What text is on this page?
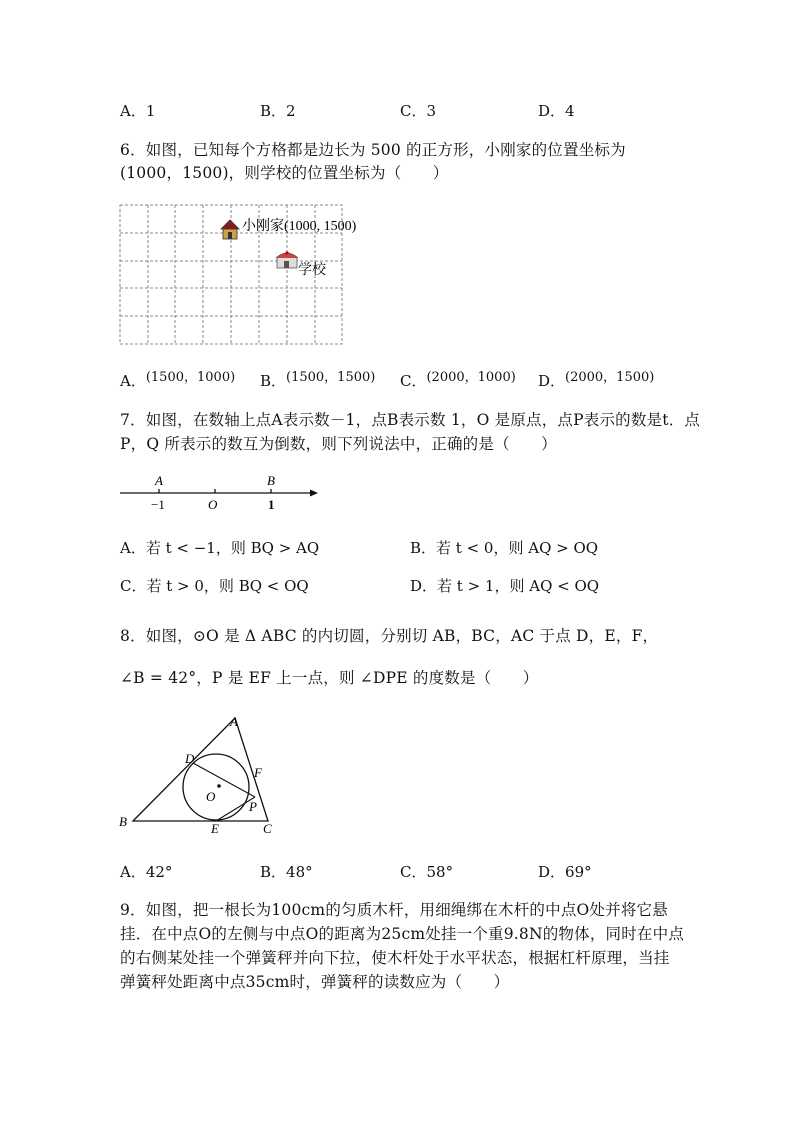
A．1	B．2	C．3	D．4
6．如图，已知每个方格都是边长为 500 的正方形，小刚家的位置坐标为
(1000，1500)，则学校的位置坐标为（　　）
小刚家(1000, 1500)
学校
A．(1500，1000) B．(1500，1500) C．(2000，1000) D．(2000，1500)
7．如图，在数轴上点A表示数－1，点B表示数 1，O 是原点，点P表示的数是t．点
P，Q 所表示的数互为倒数，则下列说法中，正确的是（　　）
A	B
−1	O	1
A．若 t < −1，则 BQ > AQ	B．若 t < 0，则 AQ > OQ
C．若 t > 0，则 BQ < OQ	D．若 t > 1，则 AQ < OQ
8．如图，⊙O 是 Δ ABC 的内切圆，分别切 AB，BC，AC 于点 D，E，F，
∠B = 42°，P 是 EF 上一点，则 ∠DPE 的度数是（　　）
A
B	C
D
E
F
O
P
A．42°	B．48°	C．58°	D．69°
9．如图，把一根长为100cm的匀质木杆，用细绳绑在木杆的中点O处并将它悬
挂．在中点O的左侧与中点O的距离为25cm处挂一个重9.8N的物体，同时在中点
的右侧某处挂一个弹簧秤并向下拉，使木杆处于水平状态，根据杠杆原理，当挂
弹簧秤处距离中点35cm时，弹簧秤的读数应为（　　）
